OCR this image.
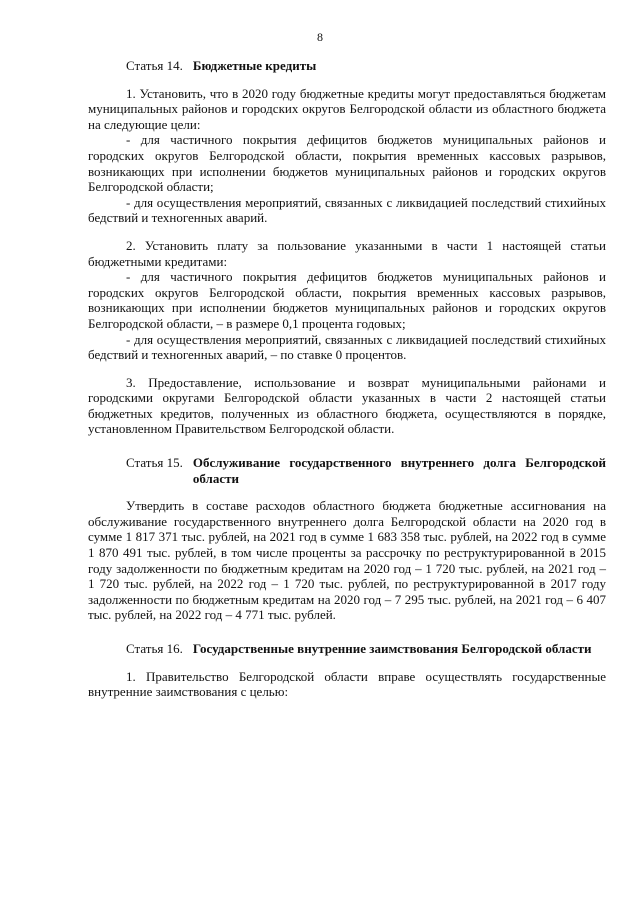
8
Статья 14. Бюджетные кредиты

1. Установить, что в 2020 году бюджетные кредиты могут предоставляться бюджетам муниципальных районов и городских округов Белгородской области из областного бюджета на следующие цели:

- для частичного покрытия дефицитов бюджетов муниципальных районов и городских округов Белгородской области, покрытия временных кассовых разрывов, возникающих при исполнении бюджетов муниципальных районов и городских округов Белгородской области;

- для осуществления мероприятий, связанных с ликвидацией последствий стихийных бедствий и техногенных аварий.

2. Установить плату за пользование указанными в части 1 настоящей статьи бюджетными кредитами:

- для частичного покрытия дефицитов бюджетов муниципальных районов и городских округов Белгородской области, покрытия временных кассовых разрывов, возникающих при исполнении бюджетов муниципальных районов и городских округов Белгородской области, – в размере 0,1 процента годовых;

- для осуществления мероприятий, связанных с ликвидацией последствий стихийных бедствий и техногенных аварий, – по ставке 0 процентов.

3. Предоставление, использование и возврат муниципальными районами и городскими округами Белгородской области указанных в части 2 настоящей статьи бюджетных кредитов, полученных из областного бюджета, осуществляются в порядке, установленном Правительством Белгородской области.

Статья 15. Обслуживание государственного внутреннего долга Белгородской области

Утвердить в составе расходов областного бюджета бюджетные ассигнования на обслуживание государственного внутреннего долга Белгородской области на 2020 год в сумме 1 817 371 тыс. рублей, на 2021 год в сумме 1 683 358 тыс. рублей, на 2022 год в сумме 1 870 491 тыс. рублей, в том числе проценты за рассрочку по реструктурированной в 2015 году задолженности по бюджетным кредитам на 2020 год – 1 720 тыс. рублей, на 2021 год – 1 720 тыс. рублей, на 2022 год – 1 720 тыс. рублей, по реструктурированной в 2017 году задолженности по бюджетным кредитам на 2020 год – 7 295 тыс. рублей, на 2021 год – 6 407 тыс. рублей, на 2022 год – 4 771 тыс. рублей.

Статья 16. Государственные внутренние заимствования Белгородской области

1. Правительство Белгородской области вправе осуществлять государственные внутренние заимствования с целью:
